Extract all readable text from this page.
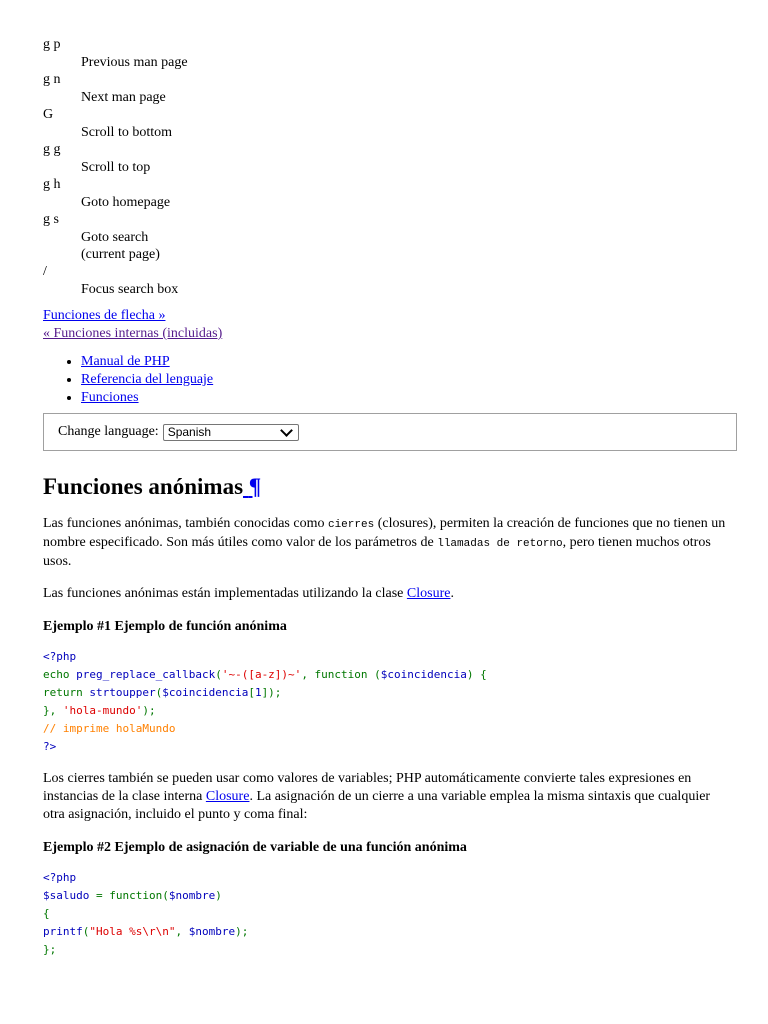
g p
Previous man page
g n
Next man page
G
Scroll to bottom
g g
Scroll to top
g h
Goto homepage
g s
Goto search
(current page)
/
Focus search box
Funciones de flecha »
« Funciones internas (incluidas)
• Manual de PHP
• Referencia del lenguaje
• Funciones
Change language: Spanish
Funciones anónimas ¶

Las funciones anónimas, también conocidas como cierres (closures), permiten la creación de funciones que no tienen un nombre especificado. Son más útiles como valor de los parámetros de llamadas de retorno, pero tienen muchos otros usos.

Las funciones anónimas están implementadas utilizando la clase Closure.

Ejemplo #1 Ejemplo de función anónima
<?php
echo preg_replace_callback('~-([a-z])~', function ($coincidencia) {
return strtoupper($coincidencia[1]);
}, 'hola-mundo');
// imprime holaMundo
?>

Los cierres también se pueden usar como valores de variables; PHP automáticamente convierte tales expresiones en instancias de la clase interna Closure. La asignación de un cierre a una variable emplea la misma sintaxis que cualquier otra asignación, incluido el punto y coma final:

Ejemplo #2 Ejemplo de asignación de variable de una función anónima
<?php
$saludo = function($nombre)
{
printf("Hola %s\r\n", $nombre);
};
